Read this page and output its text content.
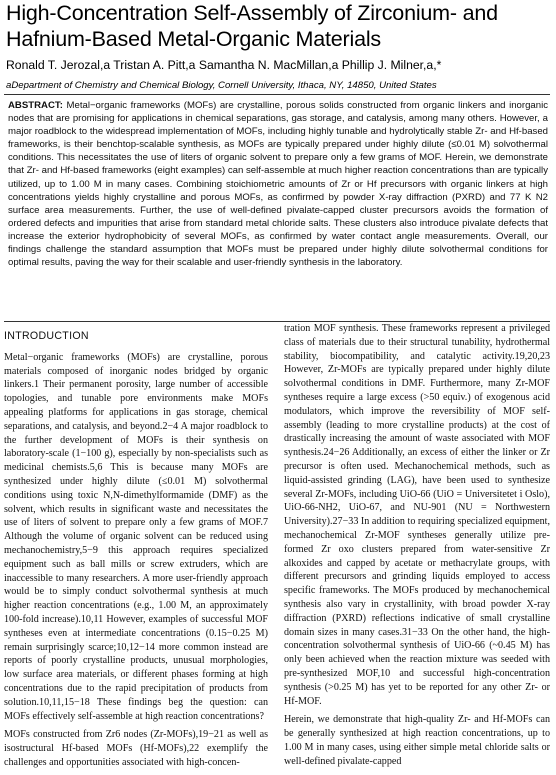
High-Concentration Self-Assembly of Zirconium- and Hafnium-Based Metal-Organic Materials
Ronald T. Jerozal,a Tristan A. Pitt,a Samantha N. MacMillan,a Phillip J. Milner,a,*
aDepartment of Chemistry and Chemical Biology, Cornell University, Ithaca, NY, 14850, United States
ABSTRACT: Metal−organic frameworks (MOFs) are crystalline, porous solids constructed from organic linkers and inorganic nodes that are promising for applications in chemical separations, gas storage, and catalysis, among many others. However, a major roadblock to the widespread implementation of MOFs, including highly tunable and hydrolytically stable Zr- and Hf-based frameworks, is their benchtop-scalable synthesis, as MOFs are typically prepared under highly dilute (≤0.01 M) solvothermal conditions. This necessitates the use of liters of organic solvent to prepare only a few grams of MOF. Herein, we demonstrate that Zr- and Hf-based frameworks (eight examples) can self-assemble at much higher reaction concentrations than are typically utilized, up to 1.00 M in many cases. Combining stoichiometric amounts of Zr or Hf precursors with organic linkers at high concentrations yields highly crystalline and porous MOFs, as confirmed by powder X-ray diffraction (PXRD) and 77 K N2 surface area measurements. Further, the use of well-defined pivalate-capped cluster precursors avoids the formation of ordered defects and impurities that arise from standard metal chloride salts. These clusters also introduce pivalate defects that increase the exterior hydrophobicity of several MOFs, as confirmed by water contact angle measurements. Overall, our findings challenge the standard assumption that MOFs must be prepared under highly dilute solvothermal conditions for optimal results, paving the way for their scalable and user-friendly synthesis in the laboratory.
INTRODUCTION

Metal−organic frameworks (MOFs) are crystalline, porous materials composed of inorganic nodes bridged by organic linkers.1 Their permanent porosity, large number of accessible topologies, and tunable pore environments make MOFs appealing platforms for applications in gas storage, chemical separations, and catalysis, and beyond.2−4 A major roadblock to the further development of MOFs is their synthesis on laboratory-scale (1−100 g), especially by non-specialists such as medicinal chemists.5,6 This is because many MOFs are synthesized under highly dilute (≤0.01 M) solvothermal conditions using toxic N,N-dimethylformamide (DMF) as the solvent, which results in significant waste and necessitates the use of liters of solvent to prepare only a few grams of MOF.7 Although the volume of organic solvent can be reduced using mechanochemistry,5−9 this approach requires specialized equipment such as ball mills or screw extruders, which are inaccessible to many researchers. A more user-friendly approach would be to simply conduct solvothermal synthesis at much higher reaction concentrations (e.g., 1.00 M, an approximately 100-fold increase).10,11 However, examples of successful MOF syntheses even at intermediate concentrations (0.15−0.25 M) remain surprisingly scarce;10,12−14 more common instead are reports of poorly crystalline products, unusual morphologies, low surface area materials, or different phases forming at high concentrations due to the rapid precipitation of products from solution.10,11,15−18 These findings beg the question: can MOFs effectively self-assemble at high reaction concentrations?

MOFs constructed from Zr6 nodes (Zr-MOFs),19−21 as well as isostructural Hf-based MOFs (Hf-MOFs),22 exemplify the challenges and opportunities associated with high-concen-

tration MOF synthesis. These frameworks represent a privileged class of materials due to their structural tunability, hydrothermal stability, biocompatibility, and catalytic activity.19,20,23 However, Zr-MOFs are typically prepared under highly dilute solvothermal conditions in DMF. Furthermore, many Zr-MOF syntheses require a large excess (>50 equiv.) of exogenous acid modulators, which improve the reversibility of MOF self-assembly (leading to more crystalline products) at the cost of drastically increasing the amount of waste associated with MOF synthesis.24−26 Additionally, an excess of either the linker or Zr precursor is often used. Mechanochemical methods, such as liquid-assisted grinding (LAG), have been used to synthesize several Zr-MOFs, including UiO-66 (UiO = Universitetet i Oslo), UiO-66-NH2, UiO-67, and NU-901 (NU = Northwestern University).27−33 In addition to requiring specialized equipment, mechanochemical Zr-MOF syntheses generally utilize pre-formed Zr oxo clusters prepared from water-sensitive Zr alkoxides and capped by acetate or methacrylate groups, with different precursors and grinding liquids employed to access specific frameworks. The MOFs produced by mechanochemical synthesis also vary in crystallinity, with broad powder X-ray diffraction (PXRD) reflections indicative of small crystalline domain sizes in many cases.31−33 On the other hand, the high-concentration solvothermal synthesis of UiO-66 (~0.45 M) has only been achieved when the reaction mixture was seeded with pre-synthesized MOF,10 and successful high-concentration synthesis (>0.25 M) has yet to be reported for any other Zr- or Hf-MOF.

Herein, we demonstrate that high-quality Zr- and Hf-MOFs can be generally synthesized at high reaction concentrations, up to 1.00 M in many cases, using either simple metal chloride salts or well-defined pivalate-capped
